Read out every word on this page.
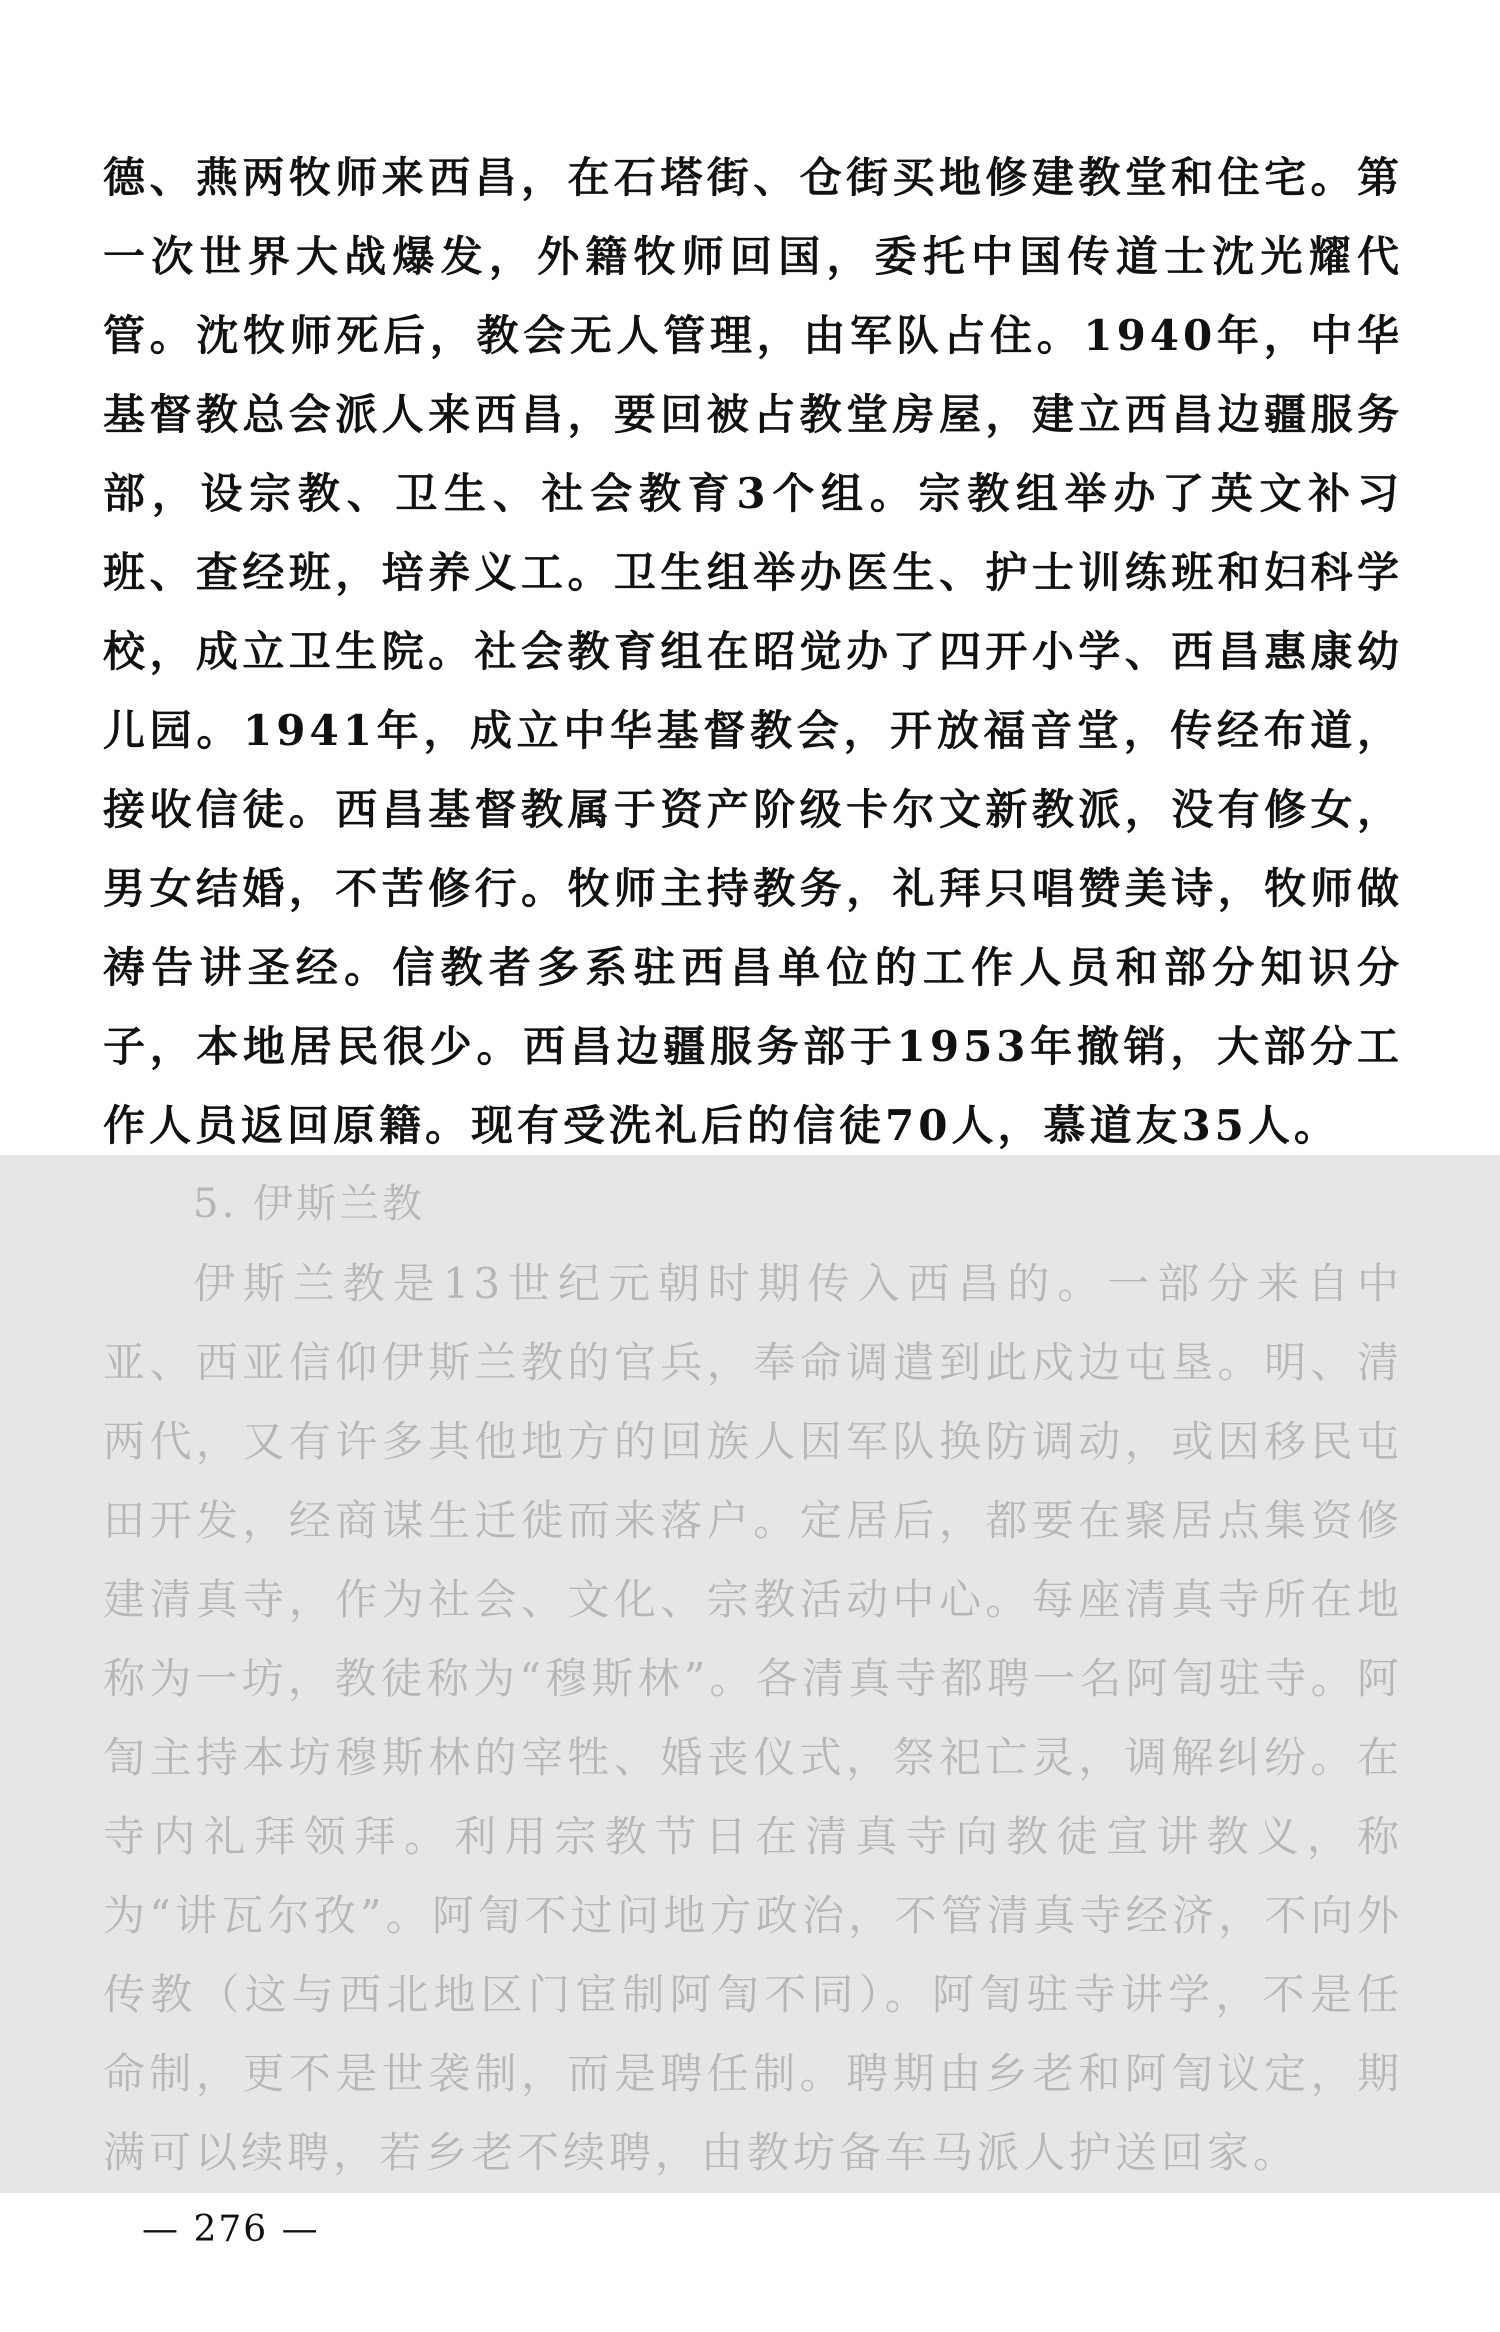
德、燕两牧师来西昌，在石塔街、仓街买地修建教堂和住宅。第一次世界大战爆发，外籍牧师回国，委托中国传道士沈光耀代管。沈牧师死后，教会无人管理，由军队占住。1940年，中华基督教总会派人来西昌，要回被占教堂房屋，建立西昌边疆服务部，设宗教、卫生、社会教育3个组。宗教组举办了英文补习班、查经班，培养义工。卫生组举办医生、护士训练班和妇科学校，成立卫生院。社会教育组在昭觉办了四开小学、西昌惠康幼儿园。1941年，成立中华基督教会，开放福音堂，传经布道，接收信徒。西昌基督教属于资产阶级卡尔文新教派，没有修女，男女结婚，不苦修行。牧师主持教务，礼拜只唱赞美诗，牧师做祷告讲圣经。信教者多系驻西昌单位的工作人员和部分知识分子，本地居民很少。西昌边疆服务部于1953年撤销，大部分工作人员返回原籍。现有受洗礼后的信徒70人，慕道友35人。

5. 伊斯兰教

伊斯兰教是13世纪元朝时期传入西昌的。一部分来自中亚、西亚信仰伊斯兰教的官兵，奉命调遣到此戍边屯垦。明、清两代，又有许多其他地方的回族人因军队换防调动，或因移民屯田开发，经商谋生迁徙而来落户。定居后，都要在聚居点集资修建清真寺，作为社会、文化、宗教活动中心。每座清真寺所在地称为一坊，教徒称为“穆斯林”。各清真寺都聘一名阿訇驻寺。阿訇主持本坊穆斯林的宰牲、婚丧仪式，祭祀亡灵，调解纠纷。在寺内礼拜领拜。利用宗教节日在清真寺向教徒宣讲教义，称为“讲瓦尔孜”。阿訇不过问地方政治，不管清真寺经济，不向外传教（这与西北地区门宦制阿訇不同）。阿訇驻寺讲学，不是任命制，更不是世袭制，而是聘任制。聘期由乡老和阿訇议定，期满可以续聘，若乡老不续聘，由教坊备车马派人护送回家。

— 276 —
